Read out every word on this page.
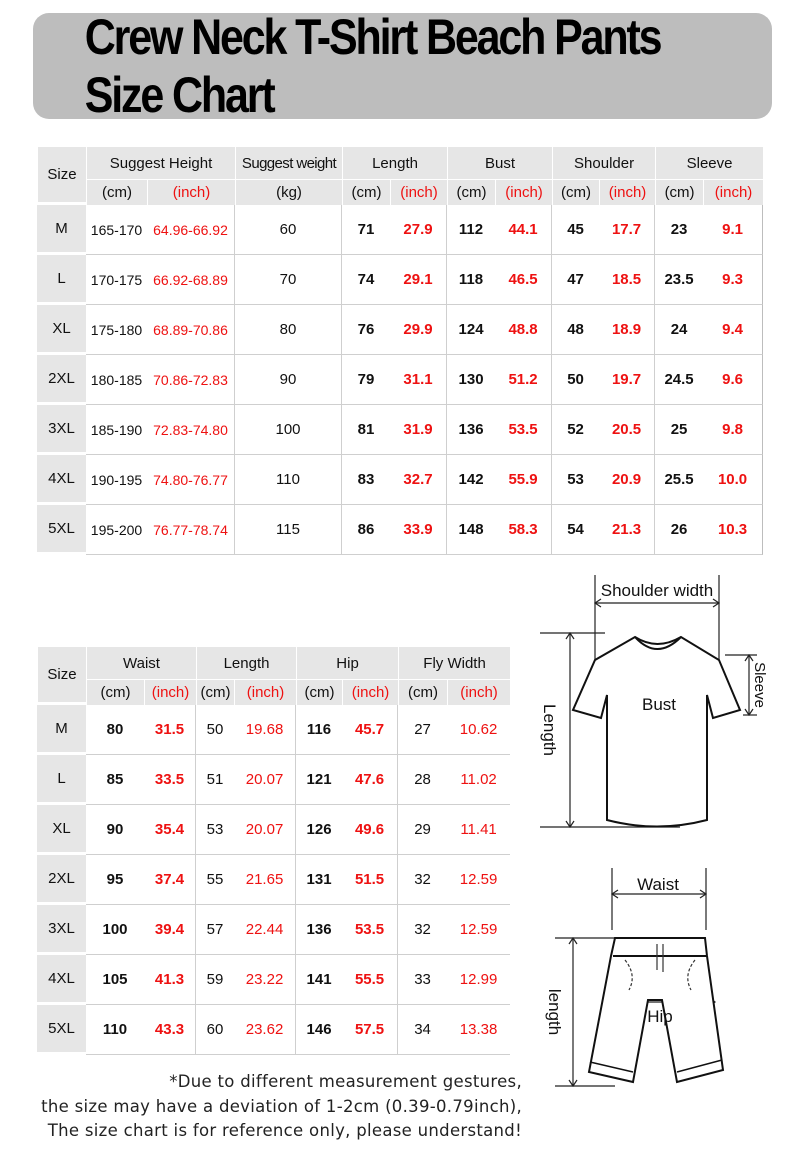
Crew Neck T-Shirt Beach Pants Size Chart
Size	Suggest Height		Suggest weight	Length		Bust		Shoulder		Sleeve	
	(cm)	(inch)	(kg)	(cm)	(inch)	(cm)	(inch)	(cm)	(inch)	(cm)	(inch)
M	165-170	64.96-66.92	60	71	27.9	112	44.1	45	17.7	23	9.1
L	170-175	66.92-68.89	70	74	29.1	118	46.5	47	18.5	23.5	9.3
XL	175-180	68.89-70.86	80	76	29.9	124	48.8	48	18.9	24	9.4
2XL	180-185	70.86-72.83	90	79	31.1	130	51.2	50	19.7	24.5	9.6
3XL	185-190	72.83-74.80	100	81	31.9	136	53.5	52	20.5	25	9.8
4XL	190-195	74.80-76.77	110	83	32.7	142	55.9	53	20.9	25.5	10.0
5XL	195-200	76.77-78.74	115	86	33.9	148	58.3	54	21.3	26	10.3
Size	Waist		Length		Hip		Fly Width	
	(cm)	(inch)	(cm)	(inch)	(cm)	(inch)	(cm)	(inch)
M	80	31.5	50	19.68	116	45.7	27	10.62
L	85	33.5	51	20.07	121	47.6	28	11.02
XL	90	35.4	53	20.07	126	49.6	29	11.41
2XL	95	37.4	55	21.65	131	51.5	32	12.59
3XL	100	39.4	57	22.44	136	53.5	32	12.59
4XL	105	41.3	59	23.22	141	55.5	33	12.99
5XL	110	43.3	60	23.62	146	57.5	34	13.38
Shoulder width
Bust
Length
Sleeve
Waist
Hip
length
*Due to different measurement gestures,
the size may have a deviation of 1-2cm (0.39-0.79inch),
The size chart is for reference only, please understand!
